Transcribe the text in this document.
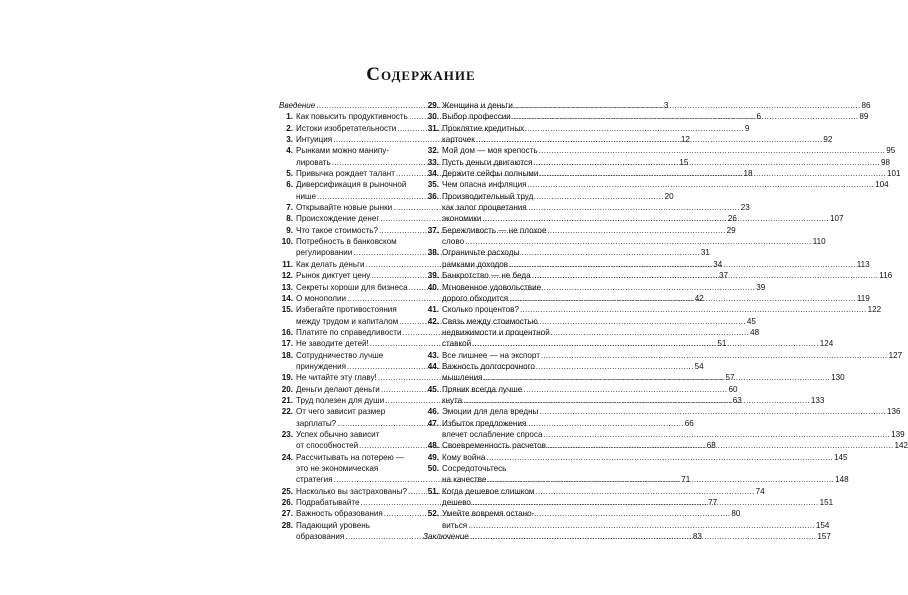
Содержание
Введение .....	3
1. Как повысить продуктивность .....	6
2. Истоки изобретательности .....	9
3. Интуиция .....	12
4. Рынками можно манипу-
лировать .....	15
5. Привычка рождает талант .....	18
6. Диверсификация в рыночной
нише .....	20
7. Открывайте новые рынки .....	23
8. Происхождение денег .....	26
9. Что такое стоимость? .....	29
10. Потребность в банковском
регулировании .....	31
11. Как делать деньги .....	34
12. Рынок диктует цену .....	37
13. Секреты хороши для бизнеса .....	39
14. О монополии .....	42
15. Избегайте противостояния
между трудом и капиталом .....	45
16. Платите по справедливости .....	48
17. Не заводите детей! .....	51
18. Сотрудничество лучше
принуждения .....	54
19. Не читайте эту главу! .....	57
20. Деньги делают деньги .....	60
21. Труд полезен для души .....	63
22. От чего зависит размер
зарплаты? .....	66
23. Успех обычно зависит
от способностей .....	68
24. Рассчитывать на потерею —
это не экономическая
стратегия .....	71
25. Насколько вы застрахованы? .....	74
26. Подрабатывайте .....	77
27. Важность образования .....	80
28. Падающий уровень
образования .....	83
29. Женщина и деньги .....	86
30. Выбор профессии .....	89
31. Проклятие кредитных
карточек .....	92
32. Мой дом — моя крепость .....	95
33. Пусть деньги двигаются .....	98
34. Держите сейфы полными .....	101
35. Чем опасна инфляция .....	104
36. Производительный труд
как залог процветания
экономики .....	107
37. Бережливость — не плохое
слово .....	110
38. Ограничьте расходы
рамками доходов .....	113
39. Банкротство — не беда .....	116
40. Мгновенное удовольствие
дорого обходится .....	119
41. Сколько процентов? .....	122
42. Связь между стоимостью
недвижимости и процентной
ставкой .....	124
43. Все лишнее — на экспорт .....	127
44. Важность долгосрочного
мышления .....	130
45. Пряник всегда лучше
кнута .....	133
46. Эмоции для дела вредны .....	136
47. Избыток предложения
влечет ослабление спроса .....	139
48. Своевременность расчетов .....	142
49. Кому война .....	145
50. Сосредоточьтесь
на качестве .....	148
51. Когда дешевое слишком
дешево .....	151
52. Умейте вовремя остано-
виться .....	154
Заключение .....	157
